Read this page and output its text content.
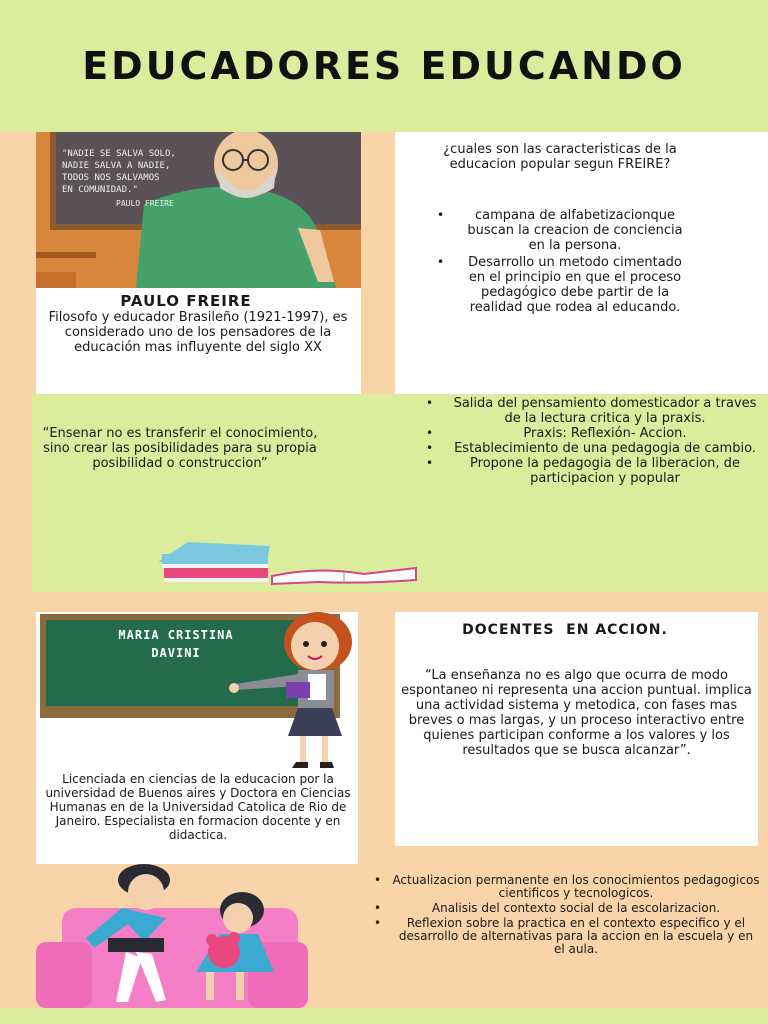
EDUCADORES EDUCANDO
"NADIE SE SALVA SOLO,
NADIE SALVA A NADIE,
TODOS NOS SALVAMOS
EN COMUNIDAD."
PAULO FREIRE
PAULO FREIRE
Filosofo y educador Brasileño (1921-1997), es considerado uno de los pensadores de la educación mas influyente del siglo XX
¿cuales son las caracteristicas de la educacion popular segun FREIRE?
•	campana de alfabetizacionque buscan la creacion de conciencia en la persona.
•	Desarrollo un metodo cimentado en el principio en que el proceso pedagógico debe partir de la realidad que rodea al educando.
“Ensenar no es transferir el conocimiento, sino crear las posibilidades para su propia posibilidad o construccion”
•	Salida del pensamiento domesticador a traves de la lectura critica y la praxis.
•	Praxis: Reflexión- Accion.
•	Establecimiento de una pedagogia de cambio.
•	Propone la pedagogia de la liberacion, de participacion y popular
MARIA CRISTINA
DAVINI
Licenciada en ciencias de la educacion por la universidad de Buenos aires y Doctora en Ciencias Humanas en de la Universidad Catolica de Rio de Janeiro. Especialista en formacion docente y en didactica.
DOCENTES  EN ACCION.
“La enseñanza no es algo que ocurra de modo espontaneo ni representa una accion puntual. implica una actividad sistema y metodica, con fases mas breves o mas largas, y un proceso interactivo entre quienes participan conforme a los valores y los resultados que se busca alcanzar”.
• Actualizacion permanente en los conocimientos pedagogicos cientificos y tecnologicos.
•	Analisis del contexto social de la escolarizacion.
•	Reflexion sobre la practica en el contexto especifico y el desarrollo de alternativas para la accion en la escuela y en el aula.
